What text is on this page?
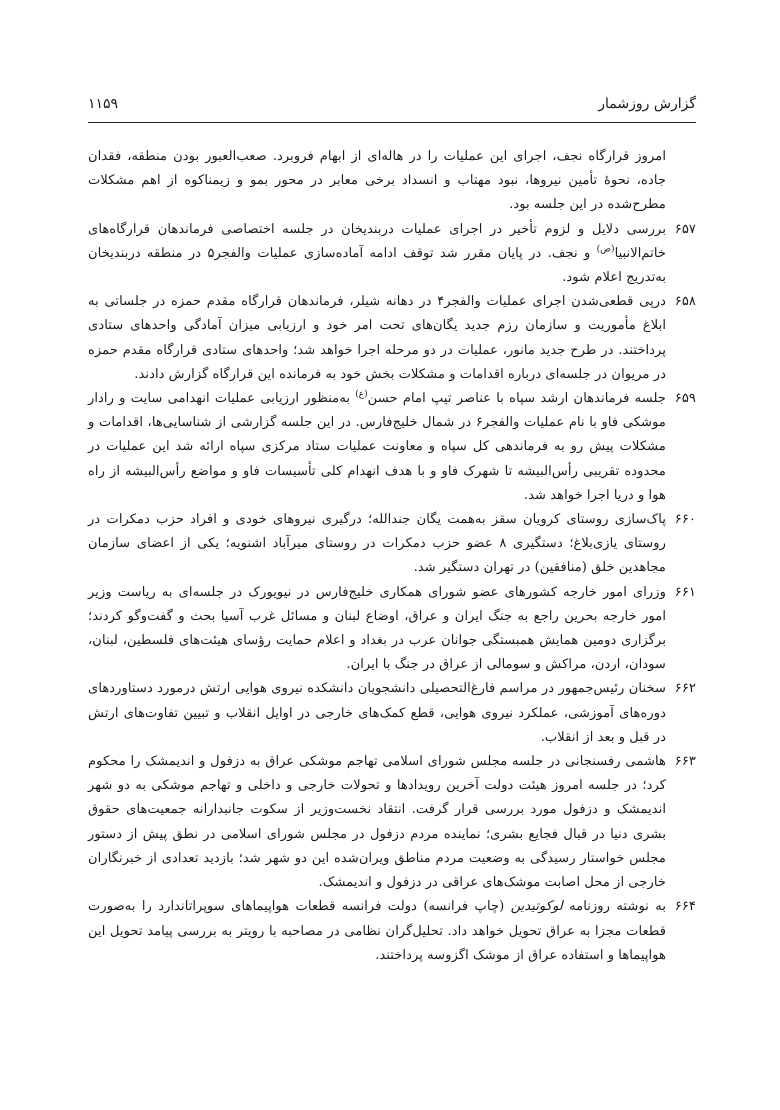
گزارش روزشمار
۱۱۵۹

امروز قرارگاه نجف، اجرای این عملیات را در هاله‌ای از ابهام فروبرد. صعب‌العبور بودن منطقه، فقدان جاده، نحوهٔ تأمین نیروها، نبود مهتاب و انسداد برخی معابر در محور بمو و زیمناکوه از اهم مشکلات مطرح‌شده در این جلسه بود.

۶۵۷
بررسی دلایل و لزوم تأخیر در اجرای عملیات دربندیخان در جلسه اختصاصی فرماندهان قرارگاه‌های خاتم‌الانبیا$^{(ص)}$ و نجف. در پایان مقرر شد توقف ادامه آماده‌سازی عملیات والفجر۵ در منطقه دربندیخان به‌تدریج اعلام شود.
۶۵۸
درپی قطعی‌شدن اجرای عملیات والفجر۴ در دهانه شیلر، فرماندهان قرارگاه مقدم حمزه در جلساتی به ابلاغ مأموریت و سازمان رزم جدید یگان‌های تحت امر خود و ارزیابی میزان آمادگی واحدهای ستادی پرداختند. در طرح جدید مانور، عملیات در دو مرحله اجرا خواهد شد؛ واحدهای ستادی قرارگاه مقدم حمزه در مریوان در جلسه‌ای درباره اقدامات و مشکلات بخش خود به فرمانده این قرارگاه گزارش دادند.
۶۵۹
جلسه فرماندهان ارشد سپاه با عناصر تیپ امام حسن$^{(ع)}$ به‌منظور ارزیابی عملیات انهدامی سایت و رادار موشکی فاو با نام عملیات والفجر۶ در شمال خلیج‌فارس. در این جلسه گزارشی از شناسایی‌ها، اقدامات و مشکلات پیش رو به فرماندهی کل سپاه و معاونت عملیات ستاد مرکزی سپاه ارائه شد این عملیات در محدوده تقریبی رأس‌البیشه تا شهرک فاو و با هدف انهدام کلی تأسیسات فاو و مواضع رأس‌البیشه از راه هوا و دریا اجرا خواهد شد.
۶۶۰
پاک‌سازی روستای کرویان سقز به‌همت یگان جندالله؛ درگیری نیروهای خودی و افراد حزب دمکرات در روستای یازی‌بلاغ؛ دستگیری ۸ عضو حزب دمکرات در روستای میرآباد اشنویه؛ یکی از اعضای سازمان مجاهدین خلق (منافقین) در تهران دستگیر شد.
۶۶۱
وزرای امور خارجه کشورهای عضو شورای همکاری خلیج‌فارس در نیویورک در جلسه‌ای به ریاست وزیر امور خارجه بحرین راجع به جنگ ایران و عراق، اوضاع لبنان و مسائل غرب آسیا بحث و گفت‌وگو کردند؛ برگزاری دومین همایش همبستگی جوانان عرب در بغداد و اعلام حمایت رؤسای هیئت‌های فلسطین، لبنان، سودان، اردن، مراکش و سومالی از عراق در جنگ با ایران.
۶۶۲
سخنان رئیس‌جمهور در مراسم فارغ‌التحصیلی دانشجویان دانشکده نیروی هوایی ارتش درمورد دستاوردهای دوره‌های آموزشی، عملکرد نیروی هوایی، قطع کمک‌های خارجی در اوایل انقلاب و تبیین تفاوت‌های ارتش در قبل و بعد از انقلاب.
۶۶۳
هاشمی رفسنجانی در جلسه مجلس شورای اسلامی تهاجم موشکی عراق به دزفول و اندیمشک را محکوم کرد؛ در جلسه امروز هیئت دولت آخرین رویدادها و تحولات خارجی و داخلی و تهاجم موشکی به دو شهر اندیمشک و دزفول مورد بررسی قرار گرفت. انتقاد نخست‌وزیر از سکوت جانبدارانه جمعیت‌های حقوق بشری دنیا در قبال فجایع بشری؛ نماینده مردم دزفول در مجلس شورای اسلامی در نطق پیش از دستور مجلس خواستار رسیدگی به وضعیت مردم مناطق ویران‌شده این دو شهر شد؛ بازدید تعدادی از خبرنگاران خارجی از محل اصابت موشک‌های عراقی در دزفول و اندیمشک.
۶۶۴
به نوشته روزنامه لوکوتیدین (چاپ فرانسه) دولت فرانسه قطعات هواپیماهای سوپراتاندارد را به‌صورت قطعات مجزا به عراق تحویل خواهد داد. تحلیل‌گران نظامی در مصاحبه با رویتر به بررسی پیامد تحویل این هواپیماها و استفاده عراق از موشک اگزوسه پرداختند.
